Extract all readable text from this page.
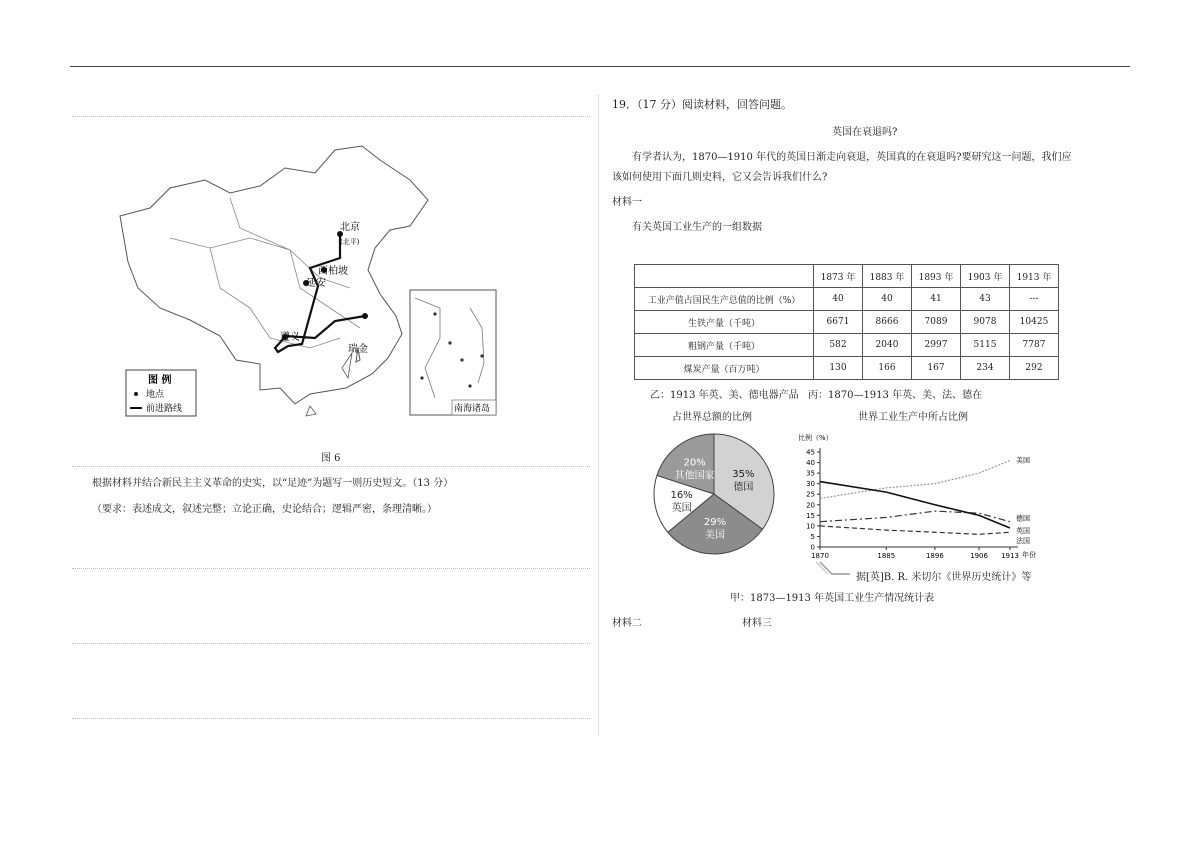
北京
(北平)
西柏坡
延安
遵义
瑞金
南海诸岛
图 例
地点
前进路线
图 6
根据材料并结合新民主主义革命的史实，以“足迹”为题写一则历史短文。（13 分）
（要求：表述成文，叙述完整；立论正确，史论结合；逻辑严密，条理清晰。）
19．（17 分）阅读材料，回答问题。
英国在衰退吗?
有学者认为，1870—1910 年代的英国日渐走向衰退，英国真的在衰退吗?要研究这一问题，我们应
该如何使用下面几则史料，它又会告诉我们什么?
材料一
有关英国工业生产的一组数据
	1873 年	1883 年	1893 年	1903 年	1913 年
工业产值占国民生产总值的比例（%）	40	40	41	43	---
生铁产量（千吨）	6671	8666	7089	9078	10425
粗钢产量（千吨）	582	2040	2997	5115	7787
煤炭产量（百万吨）	130	166	167	234	292
乙：1913 年英、美、德电器产品
占世界总额的比例
丙：1870—1913 年英、美、法、德在
世界工业生产中所占比例
35%
德国
29%
美国
16%
英国
20%
其他国家
比例（%）
年份
0
5
10
15
20
25
30
35
40
45
1870	1885	1896	1906 1913
美国
德国
英国
法国
据[英]B. R. 米切尔《世界历史统计》等
甲：1873—1913 年英国工业生产情况统计表
材料二	材料三
